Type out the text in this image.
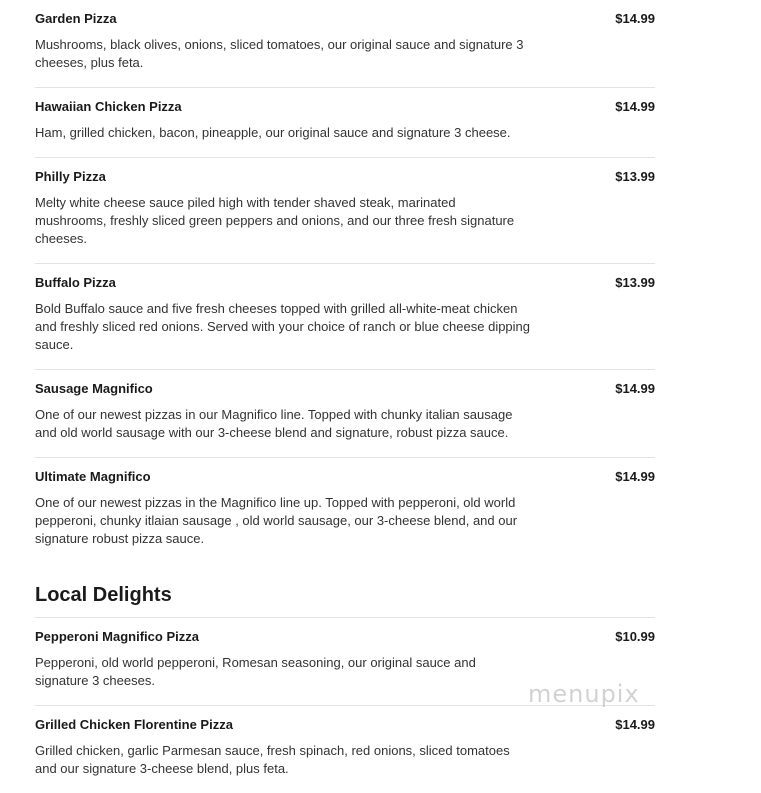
Garden Pizza	$14.99
Mushrooms, black olives, onions, sliced tomatoes, our original sauce and signature 3 cheeses, plus feta.
Hawaiian Chicken Pizza	$14.99
Ham, grilled chicken, bacon, pineapple, our original sauce and signature 3 cheese.
Philly Pizza	$13.99
Melty white cheese sauce piled high with tender shaved steak, marinated mushrooms, freshly sliced green peppers and onions, and our three fresh signature cheeses.
Buffalo Pizza	$13.99
Bold Buffalo sauce and five fresh cheeses topped with grilled all-white-meat chicken and freshly sliced red onions. Served with your choice of ranch or blue cheese dipping sauce.
Sausage Magnifico	$14.99
One of our newest pizzas in our Magnifico line. Topped with chunky italian sausage and old world sausage with our 3-cheese blend and signature, robust pizza sauce.
Ultimate Magnifico	$14.99
One of our newest pizzas in the Magnifico line up. Topped with pepperoni, old world pepperoni, chunky itlaian sausage , old world sausage, our 3-cheese blend, and our signature robust pizza sauce.
Local Delights
Pepperoni Magnifico Pizza	$10.99
Pepperoni, old world pepperoni, Romesan seasoning, our original sauce and signature 3 cheeses.
Grilled Chicken Florentine Pizza	$14.99
Grilled chicken, garlic Parmesan sauce, fresh spinach, red onions, sliced tomatoes and our signature 3-cheese blend, plus feta.
menupix
